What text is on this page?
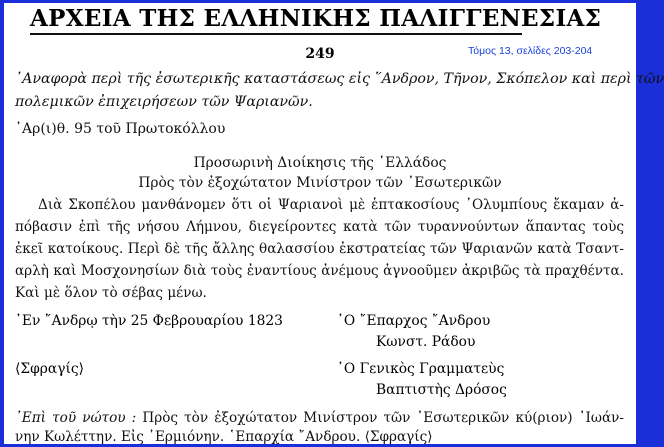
ΑΡΧΕΙΑ ΤΗΣ ΕΛΛΗΝΙΚΗΣ ΠΑΛΙΓΓΕΝΕΣΙΑΣ
Τόμος 13, σελίδες 203-204
249
᾿Αναφορὰ περὶ τῆς ἐσωτερικῆς καταστάσεως εἰς ῞Ανδρον, Τῆνον, Σκόπελον καὶ περὶ τῶν
πολεμικῶν ἐπιχειρήσεων τῶν Ψαριανῶν.
᾿Αρ(ι)θ. 95 τοῦ Πρωτοκόλλου
Προσωρινὴ Διοίκησις τῆς ῾Ελλάδος
Πρὸς τὸν ἐξοχώτατον Μινίστρον τῶν ᾿Εσωτερικῶν
Διὰ Σκοπέλου μανθάνομεν ὅτι οἱ Ψαριανοὶ μὲ ἑπτακοσίους ᾿Ολυμπίους ἔκαμαν ἀ-
πόβασιν ἐπὶ τῆς νήσου Λήμνου, διεγείροντες κατὰ τῶν τυραννούντων ἅπαντας τοὺς
ἐκεῖ κατοίκους. Περὶ δὲ τῆς ἄλλης θαλασσίου ἐκστρατείας τῶν Ψαριανῶν κατὰ Τσαντ-
αρλὴ καὶ Μοσχονησίων διὰ τοὺς ἐναντίους ἀνέμους ἀγνοοῦμεν ἀκριβῶς τὰ πραχθέντα.
Καὶ μὲ ὅλον τὸ σέβας μένω.
᾿Εν ῎Ανδρῳ τὴν 25 Φεβρουαρίου 1823	῾Ο ῎Επαρχος ῎Ανδρου
Κωνστ. Ράδου
⟨Σφραγίς⟩	῾Ο Γενικὸς Γραμματεὺς
Βαπτιστὴς Δρόσος
᾿Επὶ τοῦ νώτου : Πρὸς τὸν ἐξοχώτατον Μινίστρον τῶν ᾿Εσωτερικῶν κύ(ριον) ᾿Ιωάν-
νην Κωλέττην. Εἰς ῾Ερμιόνην. ῾Επαρχία ῎Ανδρου. ⟨Σφραγίς⟩
